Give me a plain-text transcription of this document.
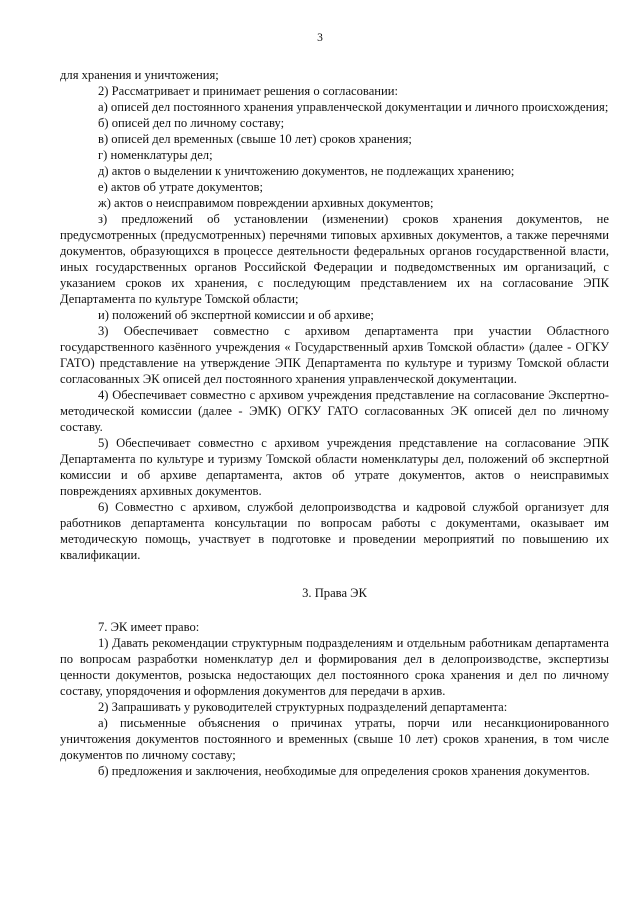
3

для хранения и уничтожения;

2) Рассматривает и принимает решения о согласовании:

а) описей дел постоянного хранения управленческой документации и личного происхождения;

б) описей дел по личному составу;

в) описей дел временных (свыше 10 лет) сроков хранения;

г) номенклатуры дел;

д) актов о выделении к уничтожению документов, не подлежащих хранению;

е) актов об утрате документов;

ж) актов о неисправимом повреждении архивных документов;

з) предложений об установлении (изменении) сроков хранения документов, не предусмотренных (предусмотренных) перечнями типовых архивных документов, а также перечнями документов, образующихся в процессе деятельности федеральных органов государственной власти, иных государственных органов Российской Федерации и подведомственных им организаций, с указанием сроков их хранения, с последующим представлением их на согласование ЭПК Департамента по культуре Томской области;

и) положений об экспертной комиссии и об архиве;

3) Обеспечивает совместно с архивом департамента при участии Областного государственного казённого учреждения « Государственный архив Томской области» (далее - ОГКУ ГАТО) представление на утверждение ЭПК Департамента по культуре и туризму Томской области согласованных ЭК описей дел постоянного хранения управленческой документации.

4) Обеспечивает совместно с архивом учреждения представление на согласование Экспертно-методической комиссии (далее - ЭМК) ОГКУ ГАТО согласованных ЭК описей дел по личному составу.

5) Обеспечивает совместно с архивом учреждения представление на согласование ЭПК Департамента по культуре и туризму Томской области номенклатуры дел, положений об экспертной комиссии и об архиве департамента, актов об утрате документов, актов о неисправимых повреждениях архивных документов.

6) Совместно с архивом, службой делопроизводства и кадровой службой организует для работников департамента консультации по вопросам работы с документами, оказывает им методическую помощь, участвует в подготовке и проведении мероприятий по повышению их квалификации.

3. Права ЭК

7. ЭК имеет право:

1) Давать рекомендации структурным подразделениям и отдельным работникам департамента по вопросам разработки номенклатур дел и формирования дел в делопроизводстве, экспертизы ценности документов, розыска недостающих дел постоянного срока хранения и дел по личному составу, упорядочения и оформления документов для передачи в архив.

2) Запрашивать у руководителей структурных подразделений департамента:

а) письменные объяснения о причинах утраты, порчи или несанкционированного уничтожения документов постоянного и временных (свыше 10 лет) сроков хранения, в том числе документов по личному составу;

б) предложения и заключения, необходимые для определения сроков хранения документов.
